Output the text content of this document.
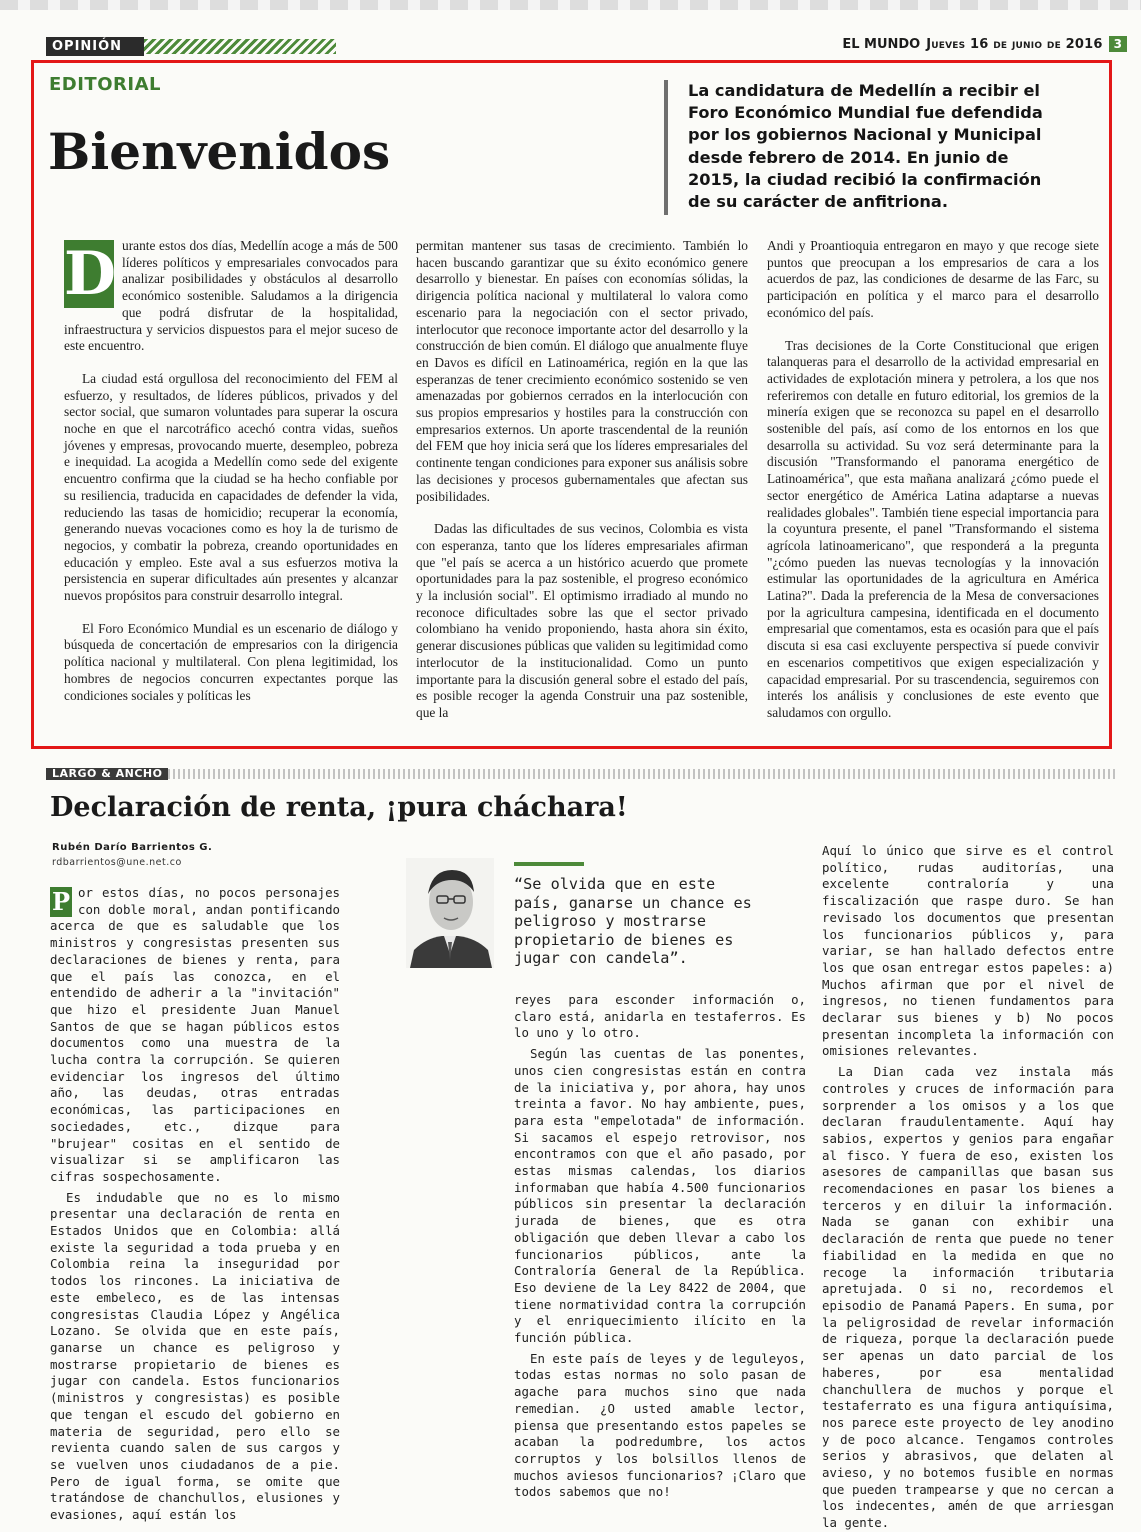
OPINIÓN	EL MUNDO Jueves 16 de junio de 2016 3
EDITORIAL
Bienvenidos

La candidatura de Medellín a recibir el Foro Económico Mundial fue defendida por los gobiernos Nacional y Municipal desde febrero de 2014. En junio de 2015, la ciudad recibió la confirmación de su carácter de anfitriona.

D urante estos dos días, Medellín acoge a más de 500 líderes políticos y empresariales convocados para analizar posibilidades y obstáculos al desarrollo económico sostenible. Saludamos a la dirigencia que podrá disfrutar de la hospitalidad, infraestructura y servicios dispuestos para el mejor suceso de este encuentro.

La ciudad está orgullosa del reconocimiento del FEM al esfuerzo, y resultados, de líderes públicos, privados y del sector social, que sumaron voluntades para superar la oscura noche en que el narcotráfico acechó contra vidas, sueños jóvenes y empresas, provocando muerte, desempleo, pobreza e inequidad. La acogida a Medellín como sede del exigente encuentro confirma que la ciudad se ha hecho confiable por su resiliencia, traducida en capacidades de defender la vida, reduciendo las tasas de homicidio; recuperar la economía, generando nuevas vocaciones como es hoy la de turismo de negocios, y combatir la pobreza, creando oportunidades en educación y empleo. Este aval a sus esfuerzos motiva la persistencia en superar dificultades aún presentes y alcanzar nuevos propósitos para construir desarrollo integral.

El Foro Económico Mundial es un escenario de diálogo y búsqueda de concertación de empresarios con la dirigencia política nacional y multilateral. Con plena legitimidad, los hombres de negocios concurren expectantes porque las condiciones sociales y políticas les

permitan mantener sus tasas de crecimiento. También lo hacen buscando garantizar que su éxito económico genere desarrollo y bienestar. En países con economías sólidas, la dirigencia política nacional y multilateral lo valora como escenario para la negociación con el sector privado, interlocutor que reconoce importante actor del desarrollo y la construcción de bien común. El diálogo que anualmente fluye en Davos es difícil en Latinoamérica, región en la que las esperanzas de tener crecimiento económico sostenido se ven amenazadas por gobiernos cerrados en la interlocución con sus propios empresarios y hostiles para la construcción con empresarios externos. Un aporte trascendental de la reunión del FEM que hoy inicia será que los líderes empresariales del continente tengan condiciones para exponer sus análisis sobre las decisiones y procesos gubernamentales que afectan sus posibilidades.

Dadas las dificultades de sus vecinos, Colombia es vista con esperanza, tanto que los líderes empresariales afirman que "el país se acerca a un histórico acuerdo que promete oportunidades para la paz sostenible, el progreso económico y la inclusión social". El optimismo irradiado al mundo no reconoce dificultades sobre las que el sector privado colombiano ha venido proponiendo, hasta ahora sin éxito, generar discusiones públicas que validen su legitimidad como interlocutor de la institucionalidad. Como un punto importante para la discusión general sobre el estado del país, es posible recoger la agenda Construir una paz sostenible, que la

Andi y Proantioquia entregaron en mayo y que recoge siete puntos que preocupan a los empresarios de cara a los acuerdos de paz, las condiciones de desarme de las Farc, su participación en política y el marco para el desarrollo económico del país.

Tras decisiones de la Corte Constitucional que erigen talanqueras para el desarrollo de la actividad empresarial en actividades de explotación minera y petrolera, a los que nos referiremos con detalle en futuro editorial, los gremios de la minería exigen que se reconozca su papel en el desarrollo sostenible del país, así como de los entornos en los que desarrolla su actividad. Su voz será determinante para la discusión "Transformando el panorama energético de Latinoamérica", que esta mañana analizará ¿cómo puede el sector energético de América Latina adaptarse a nuevas realidades globales". También tiene especial importancia para la coyuntura presente, el panel "Transformando el sistema agrícola latinoamericano", que responderá a la pregunta "¿cómo pueden las nuevas tecnologías y la innovación estimular las oportunidades de la agricultura en América Latina?". Dada la preferencia de la Mesa de conversaciones por la agricultura campesina, identificada en el documento empresarial que comentamos, esta es ocasión para que el país discuta si esa casi excluyente perspectiva sí puede convivir en escenarios competitivos que exigen especialización y capacidad empresarial. Por su trascendencia, seguiremos con interés los análisis y conclusiones de este evento que saludamos con orgullo.

LARGO & ANCHO
Declaración de renta, ¡pura cháchara!
Rubén Darío Barrientos G.
rdbarrientos@une.net.co

P or estos días, no pocos personajes con doble moral, andan pontificando acerca de que es saludable que los ministros y congresistas presenten sus declaraciones de bienes y renta, para que el país las conozca, en el entendido de adherir a la "invitación" que hizo el presidente Juan Manuel Santos de que se hagan públicos estos documentos como una muestra de la lucha contra la corrupción. Se quieren evidenciar los ingresos del último año, las deudas, otras entradas económicas, las participaciones en sociedades, etc., dizque para "brujear" cositas en el sentido de visualizar si se amplificaron las cifras sospechosamente.

Es indudable que no es lo mismo presentar una declaración de renta en Estados Unidos que en Colombia: allá existe la seguridad a toda prueba y en Colombia reina la inseguridad por todos los rincones. La iniciativa de este embeleco, es de las intensas congresistas Claudia López y Angélica Lozano. Se olvida que en este país, ganarse un chance es peligroso y mostrarse propietario de bienes es jugar con candela. Estos funcionarios (ministros y congresistas) es posible que tengan el escudo del gobierno en materia de seguridad, pero ello se revienta cuando salen de sus cargos y se vuelven unos ciudadanos de a pie. Pero de igual forma, se omite que tratándose de chanchullos, elusiones y evasiones, aquí están los

“Se olvida que en este país, ganarse un chance es peligroso y mostrarse propietario de bienes es jugar con candela”.

reyes para esconder información o, claro está, anidarla en testaferros. Es lo uno y lo otro.

Según las cuentas de las ponentes, unos cien congresistas están en contra de la iniciativa y, por ahora, hay unos treinta a favor. No hay ambiente, pues, para esta "empelotada" de información. Si sacamos el espejo retrovisor, nos encontramos con que el año pasado, por estas mismas calendas, los diarios informaban que había 4.500 funcionarios públicos sin presentar la declaración jurada de bienes, que es otra obligación que deben llevar a cabo los funcionarios públicos, ante la Contraloría General de la República. Eso deviene de la Ley 8422 de 2004, que tiene normatividad contra la corrupción y el enriquecimiento ilícito en la función pública.

En este país de leyes y de leguleyos, todas estas normas no solo pasan de agache para muchos sino que nada remedian. ¿O usted amable lector, piensa que presentando estos papeles se acaban la podredumbre, los actos corruptos y los bolsillos llenos de muchos aviesos funcionarios? ¡Claro que todos sabemos que no!

Aquí lo único que sirve es el control político, rudas auditorías, una excelente contraloría y una fiscalización que raspe duro. Se han revisado los documentos que presentan los funcionarios públicos y, para variar, se han hallado defectos entre los que osan entregar estos papeles: a) Muchos afirman que por el nivel de ingresos, no tienen fundamentos para declarar sus bienes y b) No pocos presentan incompleta la información con omisiones relevantes.

La Dian cada vez instala más controles y cruces de información para sorprender a los omisos y a los que declaran fraudulentamente. Aquí hay sabios, expertos y genios para engañar al fisco. Y fuera de eso, existen los asesores de campanillas que basan sus recomendaciones en pasar los bienes a terceros y en diluir la información. Nada se ganan con exhibir una declaración de renta que puede no tener fiabilidad en la medida en que no recoge la información tributaria apretujada. O si no, recordemos el episodio de Panamá Papers. En suma, por la peligrosidad de revelar información de riqueza, porque la declaración puede ser apenas un dato parcial de los haberes, por esa mentalidad chanchullera de muchos y porque el testaferrato es una figura antiquísima, nos parece este proyecto de ley anodino y de poco alcance. Tengamos controles serios y abrasivos, que delaten al avieso, y no botemos fusible en normas que pueden trampearse y que no cercan a los indecentes, amén de que arriesgan la gente.
